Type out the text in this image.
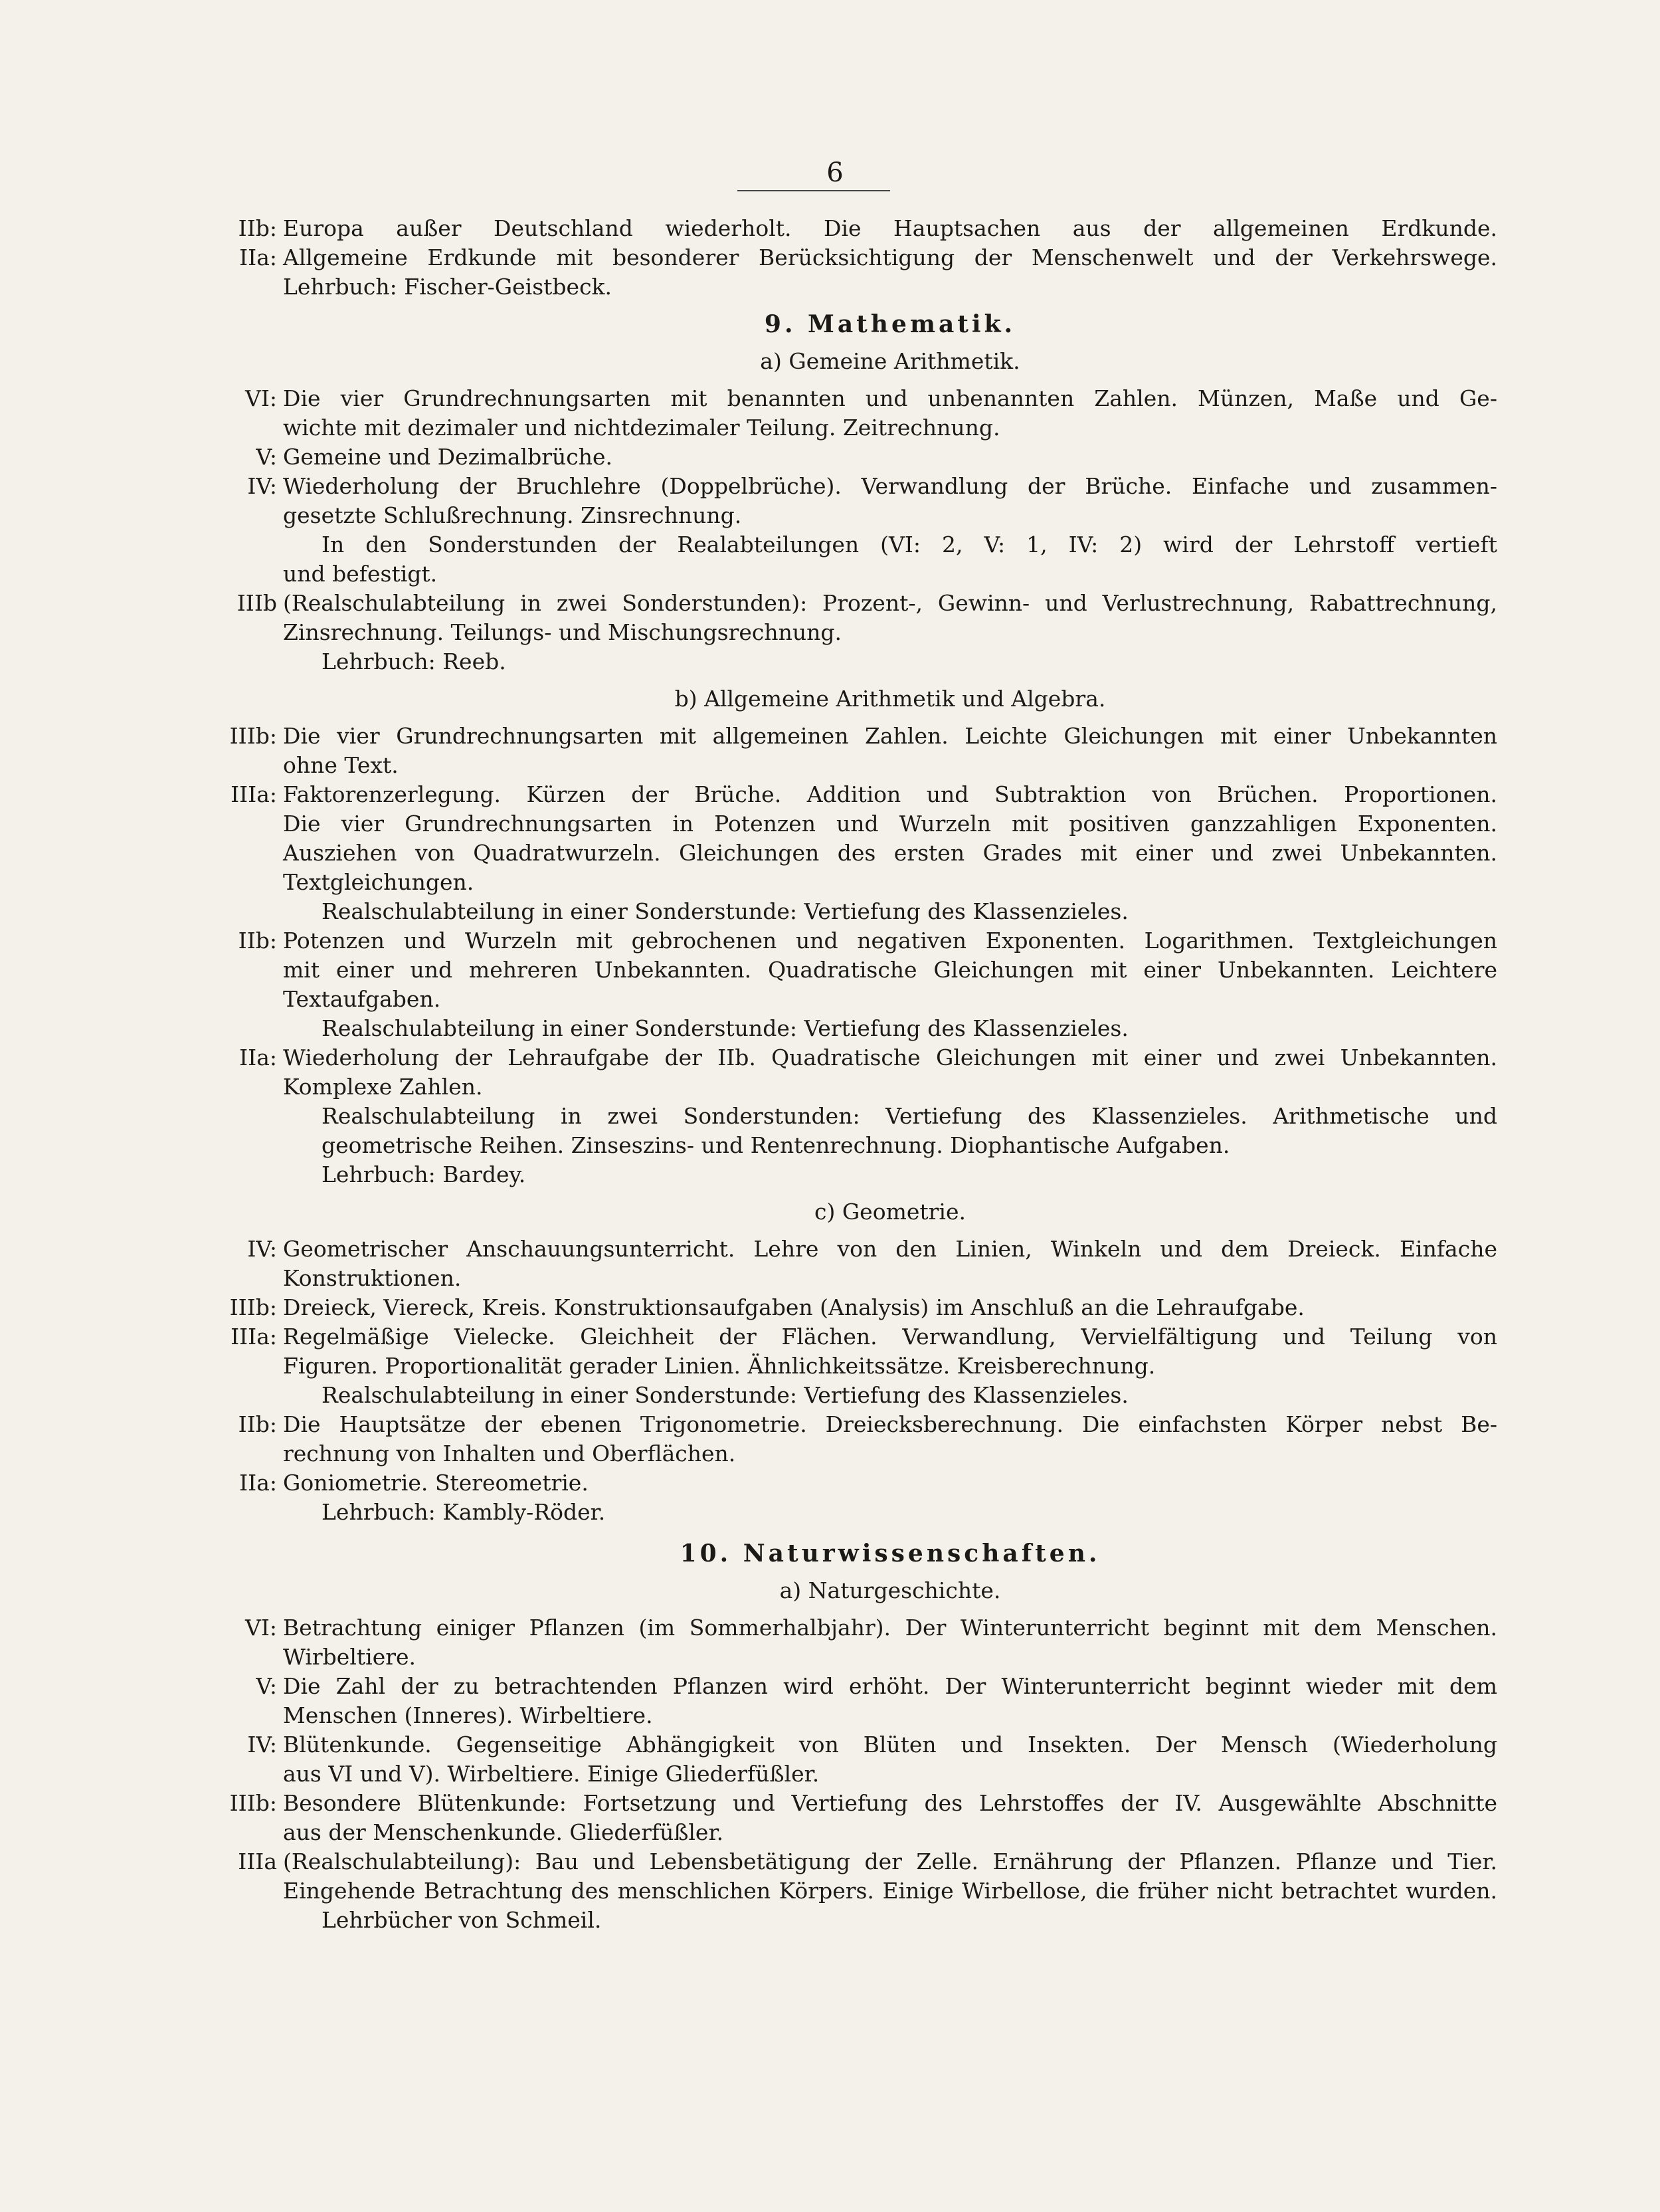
6
IIb: Europa außer Deutschland wiederholt. Die Hauptsachen aus der allgemeinen Erdkunde.
IIa: Allgemeine Erdkunde mit besonderer Berücksichtigung der Menschenwelt und der Verkehrswege.
Lehrbuch: Fischer-Geistbeck.
9. Mathematik.
a) Gemeine Arithmetik.
VI: Die vier Grundrechnungsarten mit benannten und unbenannten Zahlen. Münzen, Maße und Ge-
wichte mit dezimaler und nichtdezimaler Teilung. Zeitrechnung.
V: Gemeine und Dezimalbrüche.
IV: Wiederholung der Bruchlehre (Doppelbrüche). Verwandlung der Brüche. Einfache und zusammen-
gesetzte Schlußrechnung. Zinsrechnung.
In den Sonderstunden der Realabteilungen (VI: 2, V: 1, IV: 2) wird der Lehrstoff vertieft
und befestigt.
IIIb (Realschulabteilung in zwei Sonderstunden): Prozent-, Gewinn- und Verlustrechnung, Rabattrechnung,
Zinsrechnung. Teilungs- und Mischungsrechnung.
Lehrbuch: Reeb.
b) Allgemeine Arithmetik und Algebra.
IIIb: Die vier Grundrechnungsarten mit allgemeinen Zahlen. Leichte Gleichungen mit einer Unbekannten
ohne Text.
IIIa: Faktorenzerlegung. Kürzen der Brüche. Addition und Subtraktion von Brüchen. Proportionen.
Die vier Grundrechnungsarten in Potenzen und Wurzeln mit positiven ganzzahligen Exponenten.
Ausziehen von Quadratwurzeln. Gleichungen des ersten Grades mit einer und zwei Unbekannten.
Textgleichungen.
Realschulabteilung in einer Sonderstunde: Vertiefung des Klassenzieles.
IIb: Potenzen und Wurzeln mit gebrochenen und negativen Exponenten. Logarithmen. Textgleichungen
mit einer und mehreren Unbekannten. Quadratische Gleichungen mit einer Unbekannten. Leichtere
Textaufgaben.
Realschulabteilung in einer Sonderstunde: Vertiefung des Klassenzieles.
IIa: Wiederholung der Lehraufgabe der IIb. Quadratische Gleichungen mit einer und zwei Unbekannten.
Komplexe Zahlen.
Realschulabteilung in zwei Sonderstunden: Vertiefung des Klassenzieles. Arithmetische und
geometrische Reihen. Zinseszins- und Rentenrechnung. Diophantische Aufgaben.
Lehrbuch: Bardey.
c) Geometrie.
IV: Geometrischer Anschauungsunterricht. Lehre von den Linien, Winkeln und dem Dreieck. Einfache
Konstruktionen.
IIIb: Dreieck, Viereck, Kreis. Konstruktionsaufgaben (Analysis) im Anschluß an die Lehraufgabe.
IIIa: Regelmäßige Vielecke. Gleichheit der Flächen. Verwandlung, Vervielfältigung und Teilung von
Figuren. Proportionalität gerader Linien. Ähnlichkeitssätze. Kreisberechnung.
Realschulabteilung in einer Sonderstunde: Vertiefung des Klassenzieles.
IIb: Die Hauptsätze der ebenen Trigonometrie. Dreiecksberechnung. Die einfachsten Körper nebst Be-
rechnung von Inhalten und Oberflächen.
IIa: Goniometrie. Stereometrie.
Lehrbuch: Kambly-Röder.
10. Naturwissenschaften.
a) Naturgeschichte.
VI: Betrachtung einiger Pflanzen (im Sommerhalbjahr). Der Winterunterricht beginnt mit dem Menschen.
Wirbeltiere.
V: Die Zahl der zu betrachtenden Pflanzen wird erhöht. Der Winterunterricht beginnt wieder mit dem
Menschen (Inneres). Wirbeltiere.
IV: Blütenkunde. Gegenseitige Abhängigkeit von Blüten und Insekten. Der Mensch (Wiederholung
aus VI und V). Wirbeltiere. Einige Gliederfüßler.
IIIb: Besondere Blütenkunde: Fortsetzung und Vertiefung des Lehrstoffes der IV. Ausgewählte Abschnitte
aus der Menschenkunde. Gliederfüßler.
IIIa (Realschulabteilung): Bau und Lebensbetätigung der Zelle. Ernährung der Pflanzen. Pflanze und Tier.
Eingehende Betrachtung des menschlichen Körpers. Einige Wirbellose, die früher nicht betrachtet wurden.
Lehrbücher von Schmeil.
